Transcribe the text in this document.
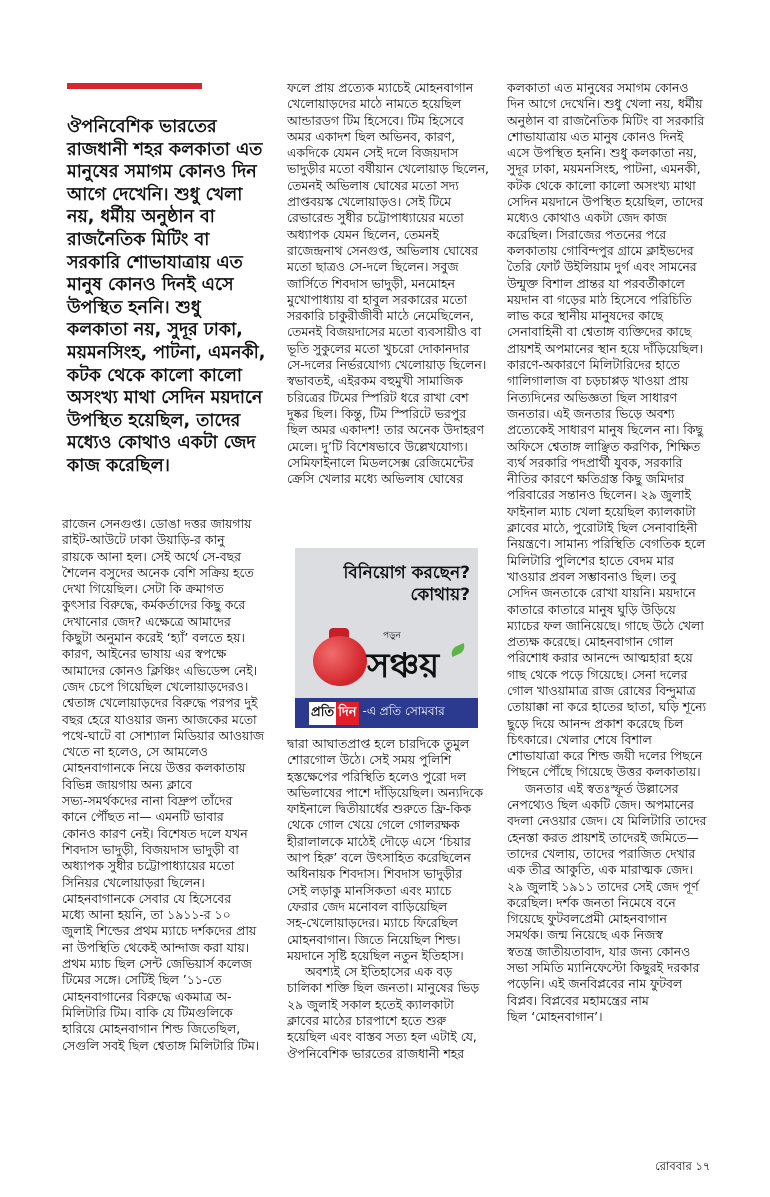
ঔপনিবেশিক ভারতের
রাজধানী শহর কলকাতা এত
মানুষের সমাগম কোনও দিন
আগে দেখেনি। শুধু খেলা
নয়, ধর্মীয় অনুষ্ঠান বা
রাজনৈতিক মিটিং বা
সরকারি শোভাযাত্রায় এত
মানুষ কোনও দিনই এসে
উপস্থিত হননি। শুধু
কলকাতা নয়, সুদূর ঢাকা,
ময়মনসিংহ, পাটনা, এমনকী,
কটক থেকে কালো কালো
অসংখ্য মাথা সেদিন ময়দানে
উপস্থিত হয়েছিল, তাদের
মধ্যেও কোথাও একটা জেদ
কাজ করেছিল।
রাজেন সেনগুপ্ত। ডোঙা দত্তর জায়গায়
রাইট-আউটে ঢাকা উয়াড়ি-র কানু
রায়কে আনা হল। সেই অর্থে সে-বছর
শৈলেন বসুদের অনেক বেশি সক্রিয় হতে
দেখা গিয়েছিল। সেটা কি ক্রমাগত
কুৎসার বিরুদ্ধে, কর্মকর্তাদের কিছু করে
দেখানোর জেদ? এক্ষেত্রে আমাদের
কিছুটা অনুমান করেই ‘হ্যাঁ’ বলতে হয়।
কারণ, আইনের ভাষায় এর স্বপক্ষে
আমাদের কোনও ক্লিঞ্চিং এভিডেন্স নেই।
জেদ চেপে গিয়েছিল খেলোয়াড়দেরও।
শ্বেতাঙ্গ খেলোয়াড়দের বিরুদ্ধে পরপর দুই
বছর হেরে যাওয়ার জন্য আজকের মতো
পথে-ঘাটে বা সোশ্যাল মিডিয়ার আওয়াজ
খেতে না হলেও, সে আমলেও
মোহনবাগানকে নিয়ে উত্তর কলকাতায়
বিভিন্ন জায়গায় অন্য ক্লাবে
সভ্য-সমর্থকদের নানা বিদ্রুপ তাঁদের
কানে পৌঁছত না— এমনটি ভাবার
কোনও কারণ নেই। বিশেষত দলে যখন
শিবদাস ভাদুড়ী, বিজয়দাস ভাদুড়ী বা
অধ্যাপক সুধীর চট্টোপাধ্যায়ের মতো
সিনিয়র খেলোয়াড়রা ছিলেন।
মোহনবাগানকে সেবার যে হিসেবের
মধ্যে আনা হয়নি, তা ১৯১১-র ১০
জুলাই শিল্ডের প্রথম ম্যাচে দর্শকদের প্রায়
না উপস্থিতি থেকেই আন্দাজ করা যায়।
প্রথম ম্যাচ ছিল সেন্ট জেভিয়ার্স কলেজ
টিমের সঙ্গে। সেটিই ছিল ’১১-তে
মোহনবাগানের বিরুদ্ধে একমাত্র অ-
মিলিটারি টিম। বাকি যে টিমগুলিকে
হারিয়ে মোহনবাগান শিল্ড জিতেছিল,
সেগুলি সবই ছিল শ্বেতাঙ্গ মিলিটারি টিম।
ফলে প্রায় প্রত্যেক ম্যাচেই মোহনবাগান
খেলোয়াড়দের মাঠে নামতে হয়েছিল
আন্ডারডগ টিম হিসেবে। টিম হিসেবে
অমর একাদশ ছিল অভিনব, কারণ,
একদিকে যেমন সেই দলে বিজয়দাস
ভাদুড়ীর মতো বর্ষীয়ান খেলোয়াড় ছিলেন,
তেমনই অভিলাষ ঘোষের মতো সদ্য
প্রাপ্তবয়স্ক খেলোয়াড়ও। সেই টিমে
রেভারেন্ড সুধীর চট্টোপাধ্যায়ের মতো
অধ্যাপক যেমন ছিলেন, তেমনই
রাজেন্দ্রনাথ সেনগুপ্ত, অভিলাষ ঘোষের
মতো ছাত্রও সে-দলে ছিলেন। সবুজ
জার্সিতে শিবদাস ভাদুড়ী, মনমোহন
মুখোপাধ্যায় বা হাবুল সরকারের মতো
সরকারি চাকুরীজীবী মাঠে নেমেছিলেন,
তেমনই বিজয়দাসের মতো ব্যবসায়ীও বা
ভূতি সুকুলের মতো খুচরো দোকানদার
সে-দলের নির্ভরযোগ্য খেলোয়াড় ছিলেন।
স্বভাবতই, এইরকম বহুমুখী সামাজিক
চরিত্রের টিমের স্পিরিট ধরে রাখা বেশ
দুষ্কর ছিল। কিন্তু, টিম স্পিরিটে ভরপুর
ছিল অমর একাদশ! তার অনেক উদাহরণ
মেলে। দু’টি বিশেষভাবে উল্লেখযোগ্য।
সেমিফাইনালে মিডলসেক্স রেজিমেন্টের
ক্রেসি খেলার মধ্যে অভিলাষ ঘোষের
বিনিয়োগ করছেন?
কোথায়?
পড়ুন
সঞ্চয়
প্রতি দিন -এ প্রতি সোমবার
দ্বারা আঘাতপ্রাপ্ত হলে চারদিকে তুমুল
শোরগোল উঠে। সেই সময় পুলিশি
হস্তক্ষেপের পরিস্থিতি হলেও পুরো দল
অভিলাষের পাশে দাঁড়িয়েছিল। অন্যদিকে
ফাইনালে দ্বিতীয়ার্ধের শুরুতে ফ্রি-কিক
থেকে গোল খেয়ে গেলে গোলরক্ষক
হীরালালকে মাঠেই দৌড়ে এসে ‘চিয়ার
আপ হিরু’ বলে উৎসাহিত করেছিলেন
অধিনায়ক শিবদাস। শিবদাস ভাদুড়ীর
সেই লড়াকু মানসিকতা এবং ম্যাচে
ফেরার জেদ মনোবল বাড়িয়েছিল
সহ-খেলোয়াড়দের। ম্যাচে ফিরেছিল
মোহনবাগান। জিতে নিয়েছিল শিল্ড।
ময়দানে সৃষ্টি হয়েছিল নতুন ইতিহাস।
অবশ্যই সে ইতিহাসের এক বড়
চালিকা শক্তি ছিল জনতা। মানুষের ভিড়
২৯ জুলাই সকাল হতেই ক্যালকাটা
ক্লাবের মাঠের চারপাশে হতে শুরু
হয়েছিল এবং বাস্তব সত্য হল এটাই যে,
ঔপনিবেশিক ভারতের রাজধানী শহর
কলকাতা এত মানুষের সমাগম কোনও
দিন আগে দেখেনি। শুধু খেলা নয়, ধর্মীয়
অনুষ্ঠান বা রাজনৈতিক মিটিং বা সরকারি
শোভাযাত্রায় এত মানুষ কোনও দিনই
এসে উপস্থিত হননি। শুধু কলকাতা নয়,
সুদূর ঢাকা, ময়মনসিংহ, পাটনা, এমনকী,
কটক থেকে কালো কালো অসংখ্য মাথা
সেদিন ময়দানে উপস্থিত হয়েছিল, তাদের
মধ্যেও কোথাও একটা জেদ কাজ
করেছিল। সিরাজের পতনের পরে
কলকাতায় গোবিন্দপুর গ্রামে ক্লাইভদের
তৈরি ফোর্ট উইলিয়াম দুর্গ এবং সামনের
উন্মুক্ত বিশাল প্রান্তর যা পরবর্তীকালে
ময়দান বা গড়ের মাঠ হিসেবে পরিচিতি
লাভ করে স্থানীয় মানুষদের কাছে
সেনাবাহিনী বা শ্বেতাঙ্গ ব্যক্তিদের কাছে
প্রায়শই অপমানের স্থান হয়ে দাঁড়িয়েছিল।
কারণে-অকারণে মিলিটারিদের হাতে
গালিগালাজ বা চড়চাপ্পড় খাওয়া প্রায়
নিত্যদিনের অভিজ্ঞতা ছিল সাধারণ
জনতার। এই জনতার ভিড়ে অবশ্য
প্রত্যেকেই সাধারণ মানুষ ছিলেন না। কিছু
অফিসে শ্বেতাঙ্গ লাঞ্ছিত করণিক, শিক্ষিত
ব্যর্থ সরকারি পদপ্রার্থী যুবক, সরকারি
নীতির কারণে ক্ষতিগ্রস্ত কিছু জমিদার
পরিবারের সন্তানও ছিলেন। ২৯ জুলাই
ফাইনাল ম্যাচ খেলা হয়েছিল ক্যালকাটা
ক্লাবের মাঠে, পুরোটাই ছিল সেনাবাহিনী
নিয়ন্ত্রণে। সামান্য পরিস্থিতি বেগতিক হলে
মিলিটারি পুলিশের হাতে বেদম মার
খাওয়ার প্রবল সম্ভাবনাও ছিল। তবু
সেদিন জনতাকে রোখা যায়নি। ময়দানে
কাতারে কাতারে মানুষ ঘুড়ি উড়িয়ে
ম্যাচের ফল জানিয়েছে। গাছে উঠে খেলা
প্রত্যক্ষ করেছে। মোহনবাগান গোল
পরিশোধ করার আনন্দে আত্মহারা হয়ে
গাছ থেকে পড়ে গিয়েছে। সেনা দলের
গোল খাওয়ামাত্র রাজ রোষের বিন্দুমাত্র
তোয়াক্কা না করে হাতের ছাতা, ঘড়ি শূন্যে
ছুড়ে দিয়ে আনন্দ প্রকাশ করেছে চিল
চিৎকারে। খেলার শেষে বিশাল
শোভাযাত্রা করে শিল্ড জয়ী দলের পিছনে
পিছনে পৌঁছে গিয়েছে উত্তর কলকাতায়।
জনতার এই স্বতঃস্ফূর্ত উল্লাসের
নেপথ্যেও ছিল একটি জেদ। অপমানের
বদলা নেওয়ার জেদ। যে মিলিটারি তাদের
হেনস্তা করত প্রায়শই তাদেরই জমিতে—
তাদের খেলায়, তাদের পরাজিত দেখার
এক তীব্র আকুতি, এক মারাত্মক জেদ।
২৯ জুলাই ১৯১১ তাদের সেই জেদ পূর্ণ
করেছিল। দর্শক জনতা নিমেষে বনে
গিয়েছে ফুটবলপ্রেমী মোহনবাগান
সমর্থক। জন্ম নিয়েছে এক নিজস্ব
স্বতন্ত্র জাতীয়তাবাদ, যার জন্য কোনও
সভা সমিতি ম্যানিফেস্টো কিছুরই দরকার
পড়েনি। এই জনবিপ্লবের নাম ফুটবল
বিপ্লব। বিপ্লবের মহামন্ত্রের নাম
ছিল ‘মোহনবাগান’।
রোববার ১৭
